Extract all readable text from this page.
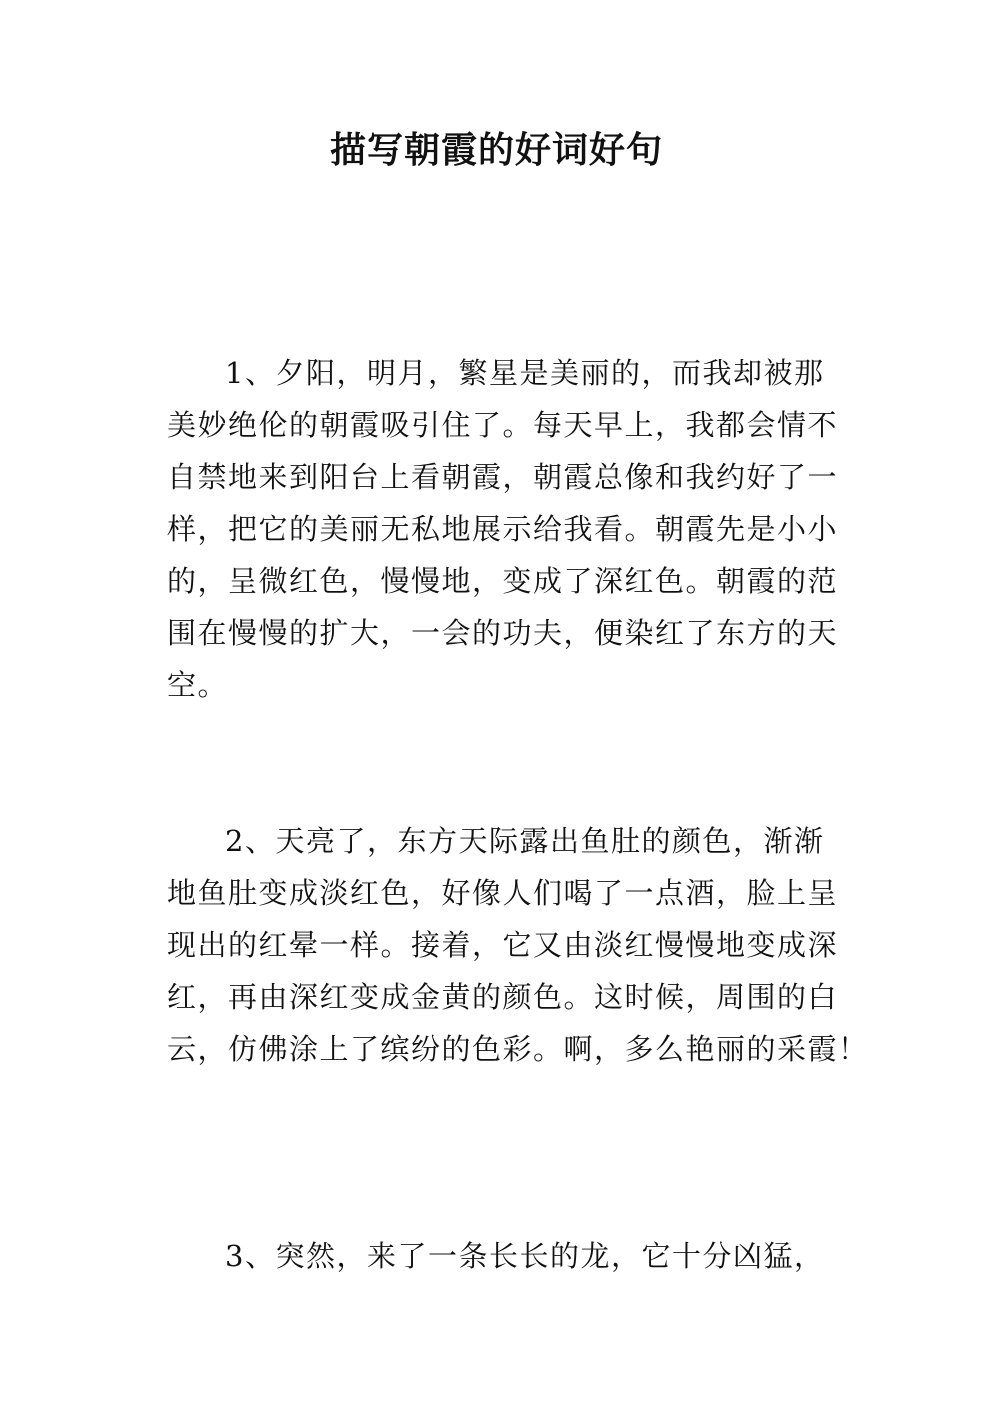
描写朝霞的好词好句
1、夕阳，明月，繁星是美丽的，而我却被那
美妙绝伦的朝霞吸引住了。每天早上，我都会情不
自禁地来到阳台上看朝霞，朝霞总像和我约好了一
样，把它的美丽无私地展示给我看。朝霞先是小小
的，呈微红色，慢慢地，变成了深红色。朝霞的范
围在慢慢的扩大，一会的功夫，便染红了东方的天
空。
2、天亮了，东方天际露出鱼肚的颜色，渐渐
地鱼肚变成淡红色，好像人们喝了一点酒，脸上呈
现出的红晕一样。接着，它又由淡红慢慢地变成深
红，再由深红变成金黄的颜色。这时候，周围的白
云，仿佛涂上了缤纷的色彩。啊，多么艳丽的采霞！
3、突然，来了一条长长的龙，它十分凶猛，
